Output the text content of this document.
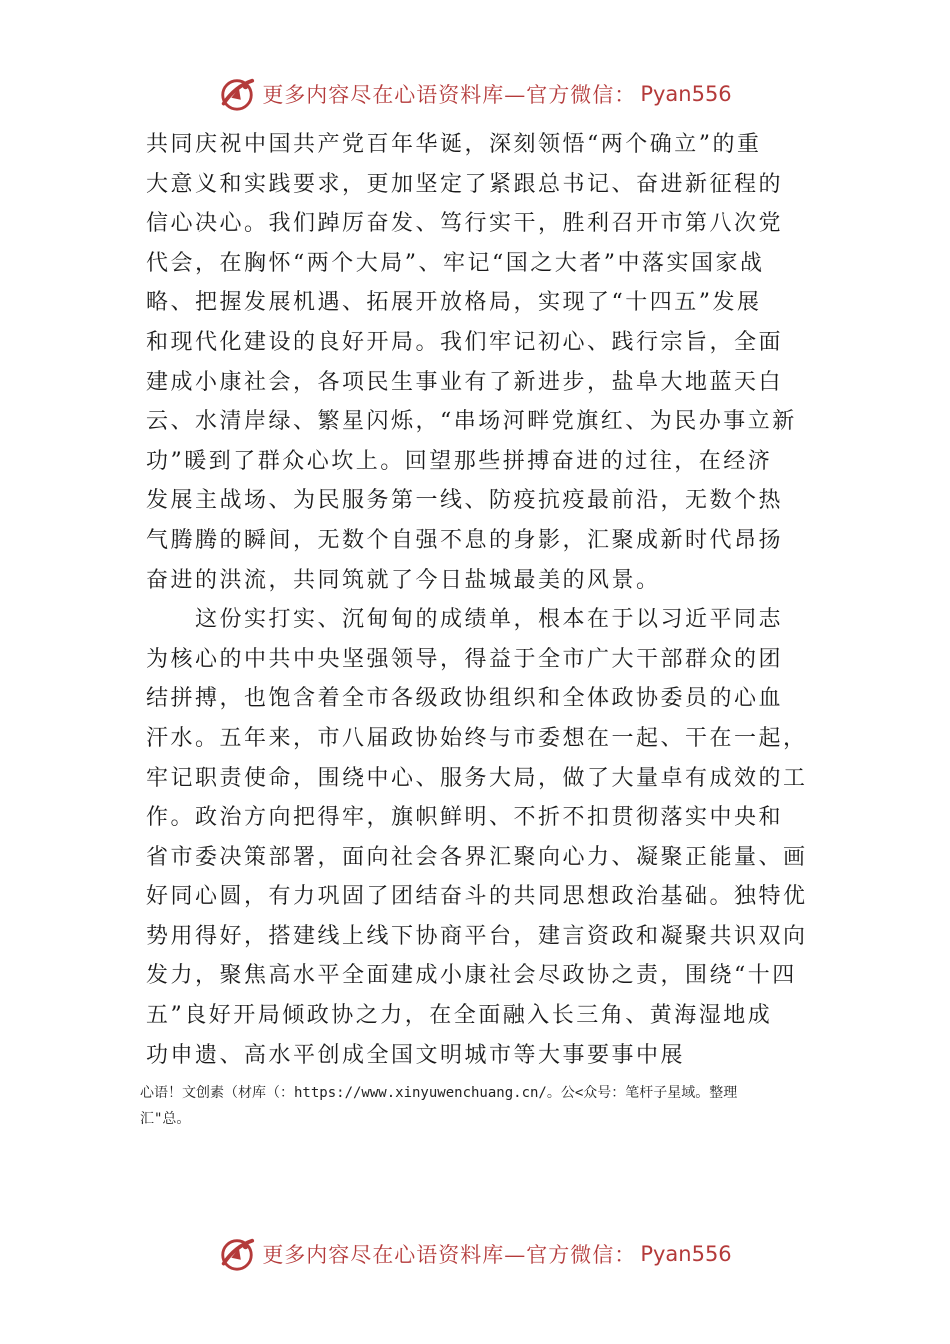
更多内容尽在心语资料库—官方微信： Pyan556
共同庆祝中国共产党百年华诞，深刻领悟“两个确立”的重
大意义和实践要求，更加坚定了紧跟总书记、奋进新征程的
信心决心。我们踔厉奋发、笃行实干，胜利召开市第八次党
代会，在胸怀“两个大局”、牢记“国之大者”中落实国家战
略、把握发展机遇、拓展开放格局，实现了“十四五”发展
和现代化建设的良好开局。我们牢记初心、践行宗旨，全面
建成小康社会，各项民生事业有了新进步，盐阜大地蓝天白
云、水清岸绿、繁星闪烁，“串场河畔党旗红、为民办事立新
功”暖到了群众心坎上。回望那些拼搏奋进的过往，在经济
发展主战场、为民服务第一线、防疫抗疫最前沿，无数个热
气腾腾的瞬间，无数个自强不息的身影，汇聚成新时代昂扬
奋进的洪流，共同筑就了今日盐城最美的风景。
　　这份实打实、沉甸甸的成绩单，根本在于以习近平同志
为核心的中共中央坚强领导，得益于全市广大干部群众的团
结拼搏，也饱含着全市各级政协组织和全体政协委员的心血
汗水。五年来，市八届政协始终与市委想在一起、干在一起，
牢记职责使命，围绕中心、服务大局，做了大量卓有成效的工
作。政治方向把得牢，旗帜鲜明、不折不扣贯彻落实中央和
省市委决策部署，面向社会各界汇聚向心力、凝聚正能量、画
好同心圆，有力巩固了团结奋斗的共同思想政治基础。独特优
势用得好，搭建线上线下协商平台，建言资政和凝聚共识双向
发力，聚焦高水平全面建成小康社会尽政协之责，围绕“十四
五”良好开局倾政协之力，在全面融入长三角、黄海湿地成
功申遗、高水平创成全国文明城市等大事要事中展
心语！文创素（材库（：https://www.xinyuwenchuang.cn/。公<众号：笔杆子星域。整理
汇"总。
更多内容尽在心语资料库—官方微信： Pyan556
